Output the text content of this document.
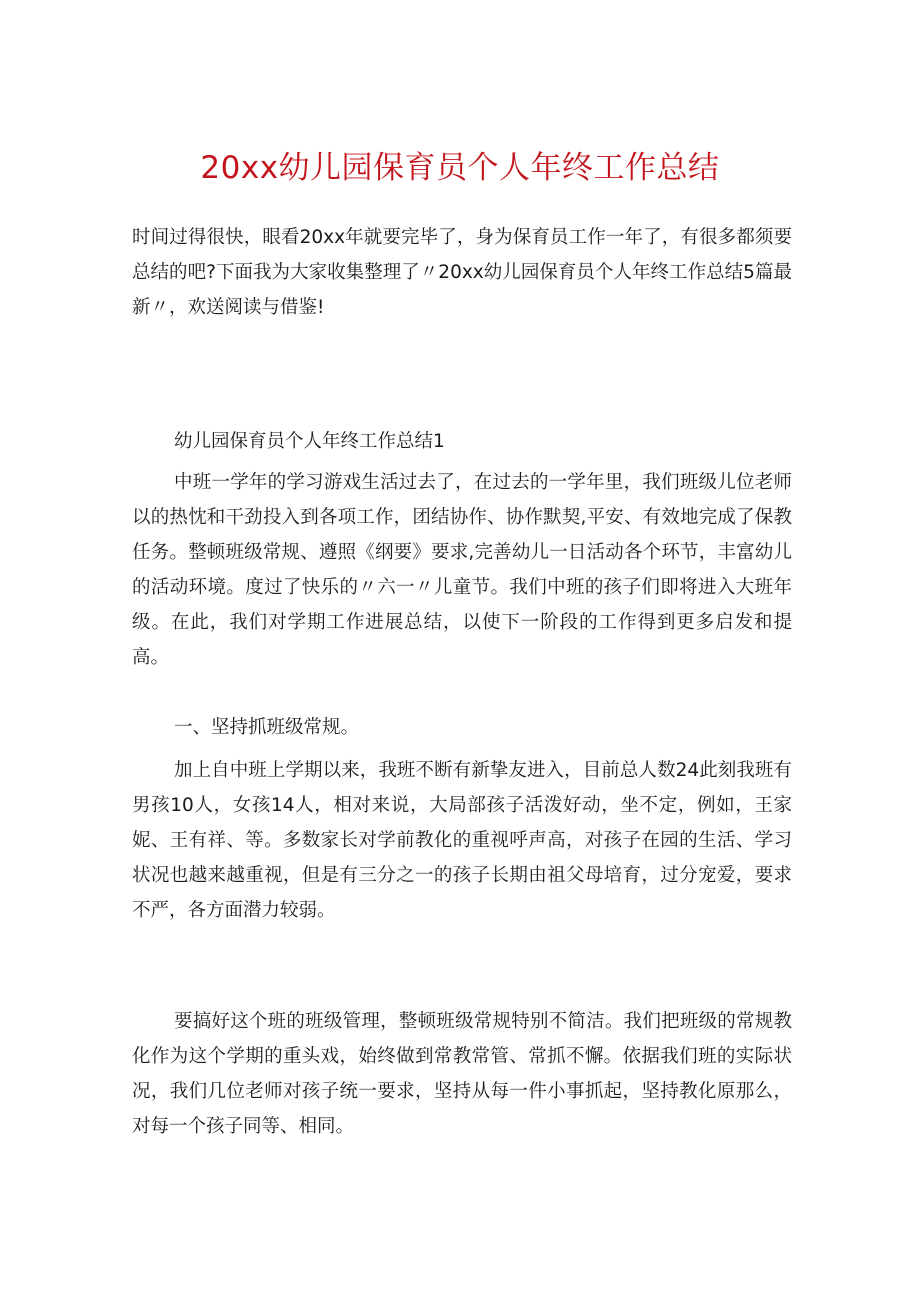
20xx幼儿园保育员个人年终工作总结
时间过得很快，眼看20xx年就要完毕了，身为保育员工作一年了，有很多都须要总结的吧?下面我为大家收集整理了〃20xx幼儿园保育员个人年终工作总结5篇最新〃，欢送阅读与借鉴!
幼儿园保育员个人年终工作总结1
中班一学年的学习游戏生活过去了，在过去的一学年里，我们班级儿位老师以的热忱和干劲投入到各项工作，团结协作、协作默契,平安、有效地完成了保教任务。整顿班级常规、遵照《纲要》要求,完善幼儿一日活动各个环节，丰富幼儿的活动环境。度过了快乐的〃六一〃儿童节。我们中班的孩子们即将进入大班年级。在此，我们对学期工作进展总结，以使下一阶段的工作得到更多启发和提高。
一、坚持抓班级常规。
加上自中班上学期以来，我班不断有新挚友进入，目前总人数24此刻我班有男孩10人，女孩14人，相对来说，大局部孩子活泼好动，坐不定，例如，王家妮、王有祥、等。多数家长对学前教化的重视呼声高，对孩子在园的生活、学习状况也越来越重视，但是有三分之一的孩子长期由祖父母培育，过分宠爱，要求不严，各方面潜力较弱。
要搞好这个班的班级管理，整顿班级常规特别不简洁。我们把班级的常规教化作为这个学期的重头戏，始终做到常教常管、常抓不懈。依据我们班的实际状况，我们几位老师对孩子统一要求，坚持从每一件小事抓起，坚持教化原那么，对每一个孩子同等、相同。
